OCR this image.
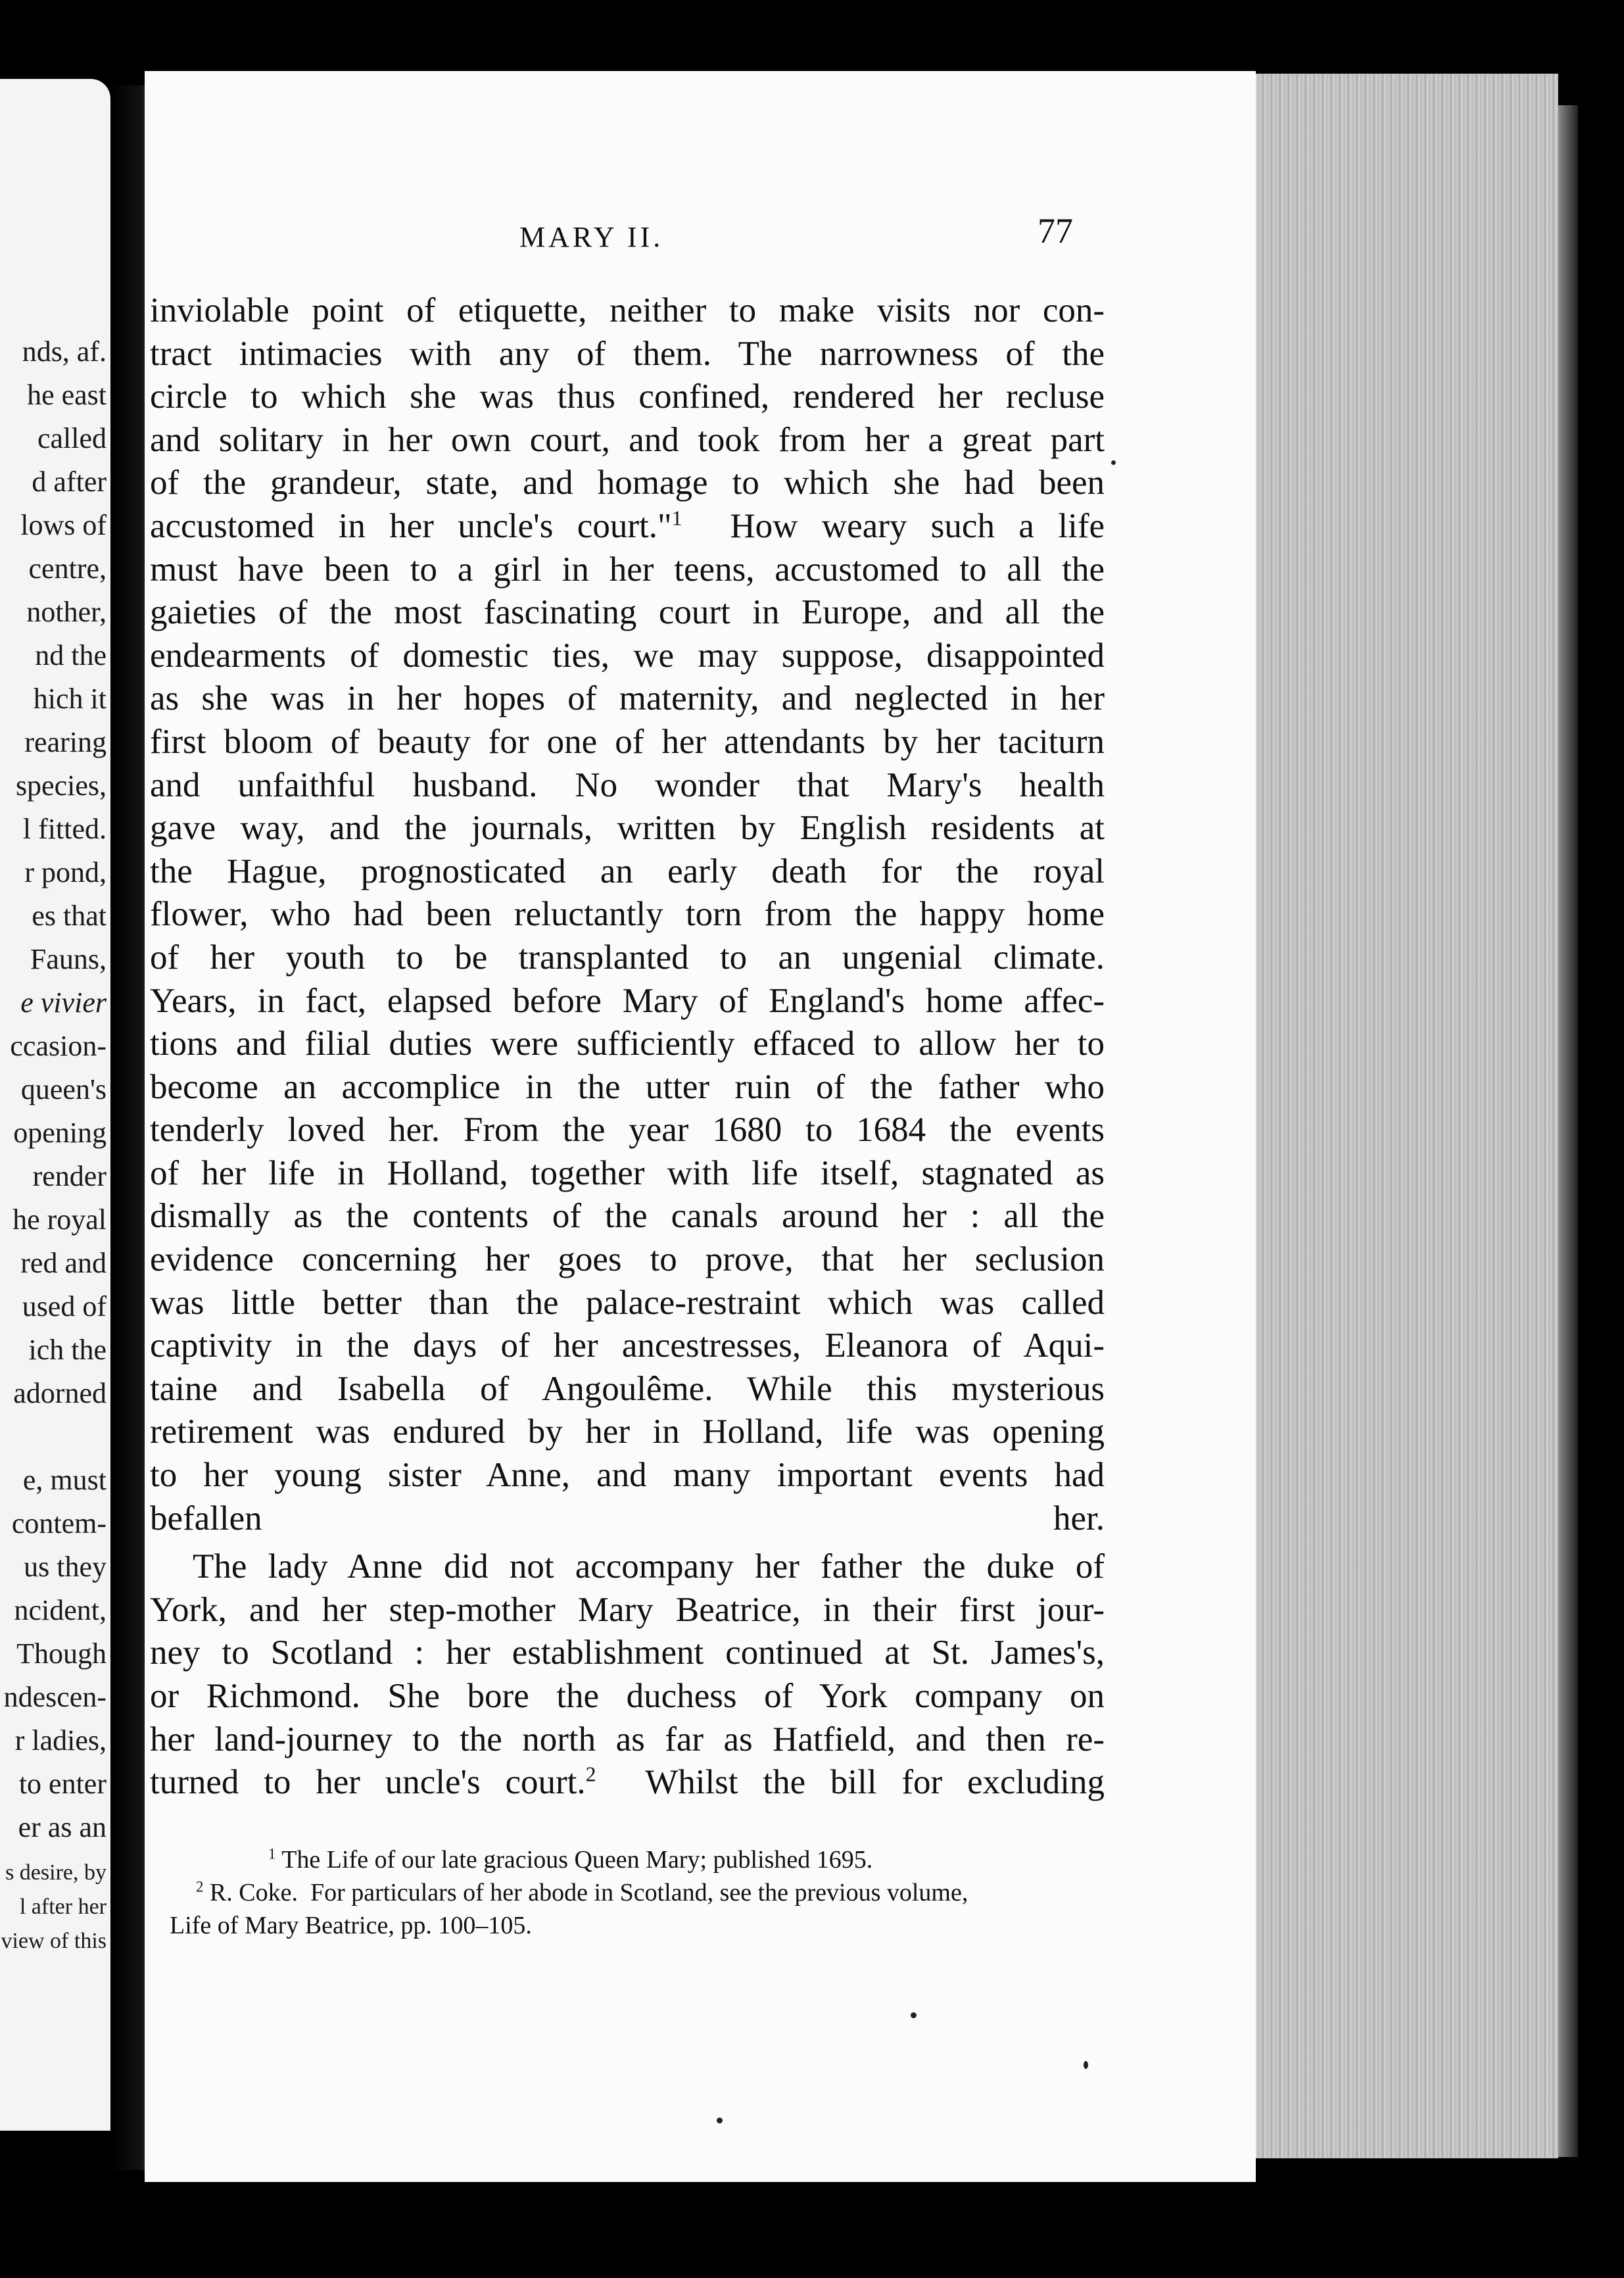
nds, af.
he east
called
d after
lows of
centre,
nother,
nd the
hich it
rearing
species,
l fitted.
r pond,
es that
Fauns,
e vivier
ccasion-
queen's
opening
render
he royal
red and
used of
ich the
adorned
e, must
contem-
us they
ncident,
Though
ndescen-
r ladies,
to enter
er as an
s desire, by
l after her
view of this
MARY II.	77
inviolable point of etiquette, neither to make visits nor con-
tract intimacies with any of them. The narrowness of the
circle to which she was thus confined, rendered her recluse
and solitary in her own court, and took from her a great part
of the grandeur, state, and homage to which she had been
accustomed in her uncle's court."$^1$  How weary such a life
must have been to a girl in her teens, accustomed to all the
gaieties of the most fascinating court in Europe, and all the
endearments of domestic ties, we may suppose, disappointed
as she was in her hopes of maternity, and neglected in her
first bloom of beauty for one of her attendants by her taciturn
and unfaithful husband. No wonder that Mary's health
gave way, and the journals, written by English residents at
the Hague, prognosticated an early death for the royal
flower, who had been reluctantly torn from the happy home
of her youth to be transplanted to an ungenial climate.
Years, in fact, elapsed before Mary of England's home affec-
tions and filial duties were sufficiently effaced to allow her to
become an accomplice in the utter ruin of the father who
tenderly loved her. From the year 1680 to 1684 the events
of her life in Holland, together with life itself, stagnated as
dismally as the contents of the canals around her : all the
evidence concerning her goes to prove, that her seclusion
was little better than the palace-restraint which was called
captivity in the days of her ancestresses, Eleanora of Aqui-
taine and Isabella of Angoulême. While this mysterious
retirement was endured by her in Holland, life was opening
to her young sister Anne, and many important events had
befallen her.
The lady Anne did not accompany her father the duke of
York, and her step-mother Mary Beatrice, in their first jour-
ney to Scotland : her establishment continued at St. James's,
or Richmond. She bore the duchess of York company on
her land-journey to the north as far as Hatfield, and then re-
turned to her uncle's court.$^2$  Whilst the bill for excluding
$^1$ The Life of our late gracious Queen Mary; published 1695.
$^2$ R. Coke.  For particulars of her abode in Scotland, see the previous volume,
Life of Mary Beatrice, pp. 100–105.
